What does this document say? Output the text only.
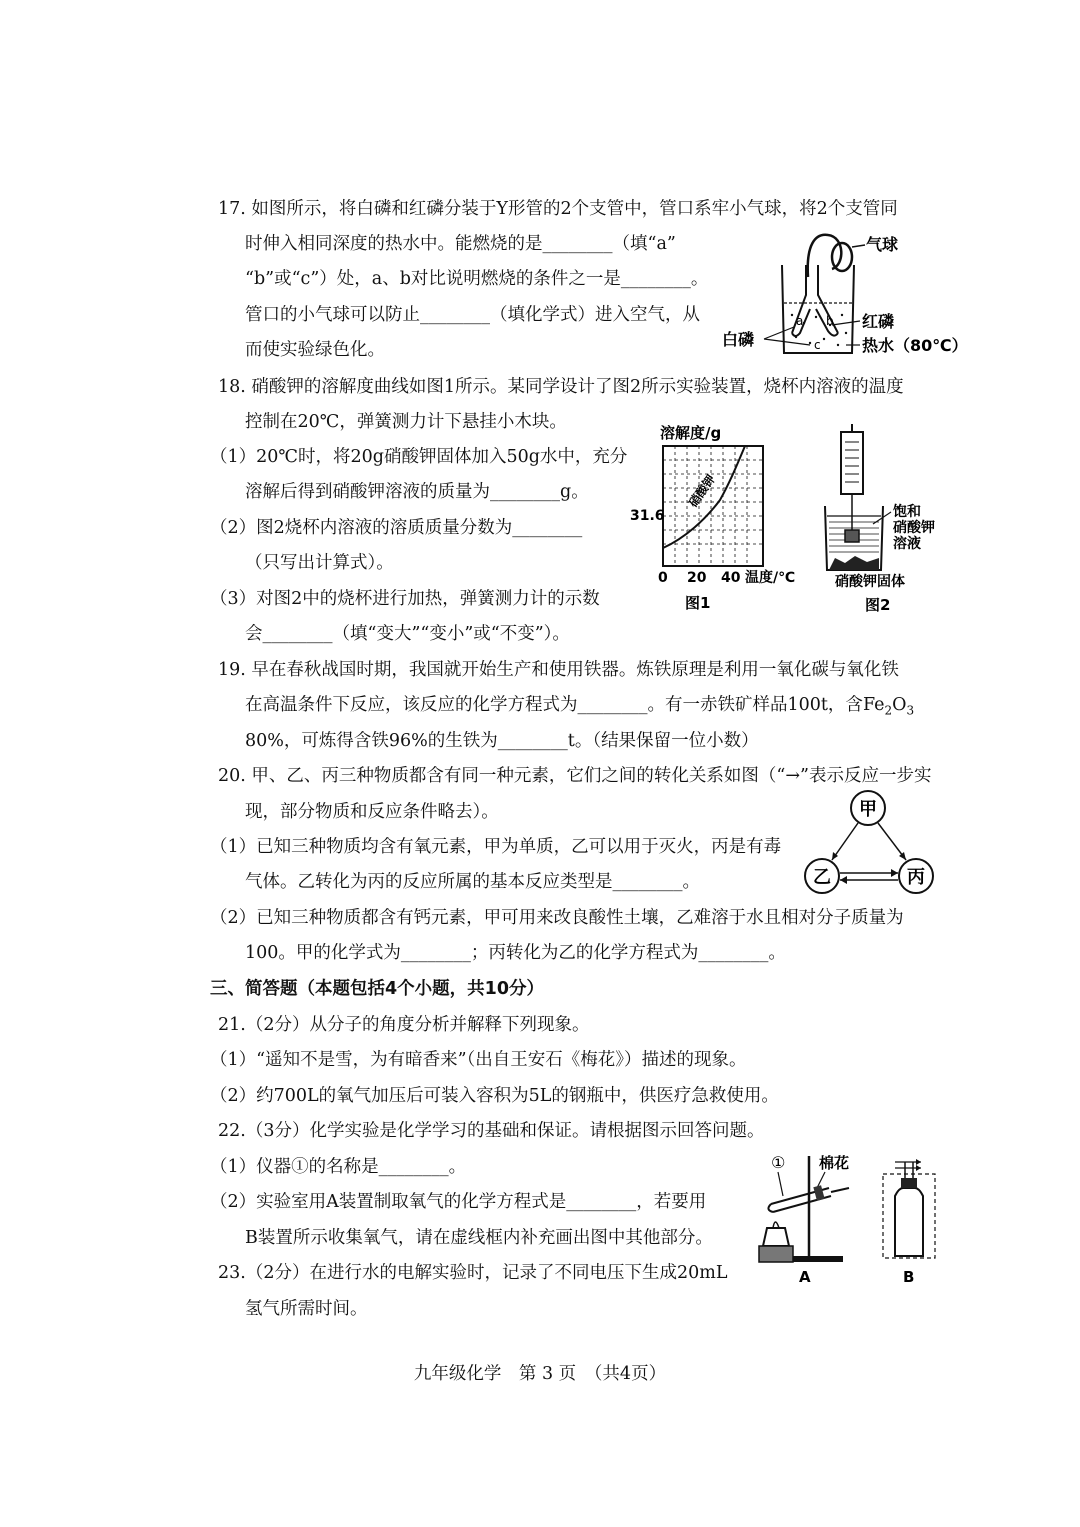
17. 如图所示，将白磷和红磷分装于Y形管的2个支管中，管口系牢小气球，将2个支管同
时伸入相同深度的热水中。能燃烧的是________（填“a”
“b”或“c”）处，a、b对比说明燃烧的条件之一是________。
管口的小气球可以防止________（填化学式）进入空气，从
而使实验绿色化。
气球
a b
c
红磷
热水（80℃）
白磷
18. 硝酸钾的溶解度曲线如图1所示。某同学设计了图2所示实验装置，烧杯内溶液的温度
控制在20℃，弹簧测力计下悬挂小木块。
（1）20℃时，将20g硝酸钾固体加入50g水中，充分
溶解后得到硝酸钾溶液的质量为________g。
（2）图2烧杯内溶液的溶质质量分数为________
（只写出计算式）。
（3）对图2中的烧杯进行加热，弹簧测力计的示数
会________（填“变大”“变小”或“不变”）。
溶解度/g
硝酸钾
31.6
0 20 40 温度/℃
图1
饱和
硝酸钾
溶液
硝酸钾固体
图2
19. 早在春秋战国时期，我国就开始生产和使用铁器。炼铁原理是利用一氧化碳与氧化铁
在高温条件下反应，该反应的化学方程式为________。有一赤铁矿样品100t，含$Fe_2O_3$
80%，可炼得含铁96%的生铁为________t。（结果保留一位小数）
20. 甲、乙、丙三种物质都含有同一种元素，它们之间的转化关系如图（“→”表示反应一步实
现，部分物质和反应条件略去）。
（1）已知三种物质均含有氧元素，甲为单质，乙可以用于灭火，丙是有毒
气体。乙转化为丙的反应所属的基本反应类型是________。
（2）已知三种物质都含有钙元素，甲可用来改良酸性土壤，乙难溶于水且相对分子质量为
100。甲的化学式为________；丙转化为乙的化学方程式为________。
甲
乙	丙
三、简答题（本题包括4个小题，共10分）
21.（2分）从分子的角度分析并解释下列现象。
（1）“遥知不是雪，为有暗香来”（出自王安石《梅花》）描述的现象。
（2）约700L的氧气加压后可装入容积为5L的钢瓶中，供医疗急救使用。
22.（3分）化学实验是化学学习的基础和保证。请根据图示回答问题。
（1）仪器①的名称是________。
（2）实验室用A装置制取氧气的化学方程式是________，若要用
B装置所示收集氧气，请在虚线框内补充画出图中其他部分。
① 棉花
A	B
23.（2分）在进行水的电解实验时，记录了不同电压下生成20mL
氢气所需时间。
九年级化学　第 3 页　（共4页）
